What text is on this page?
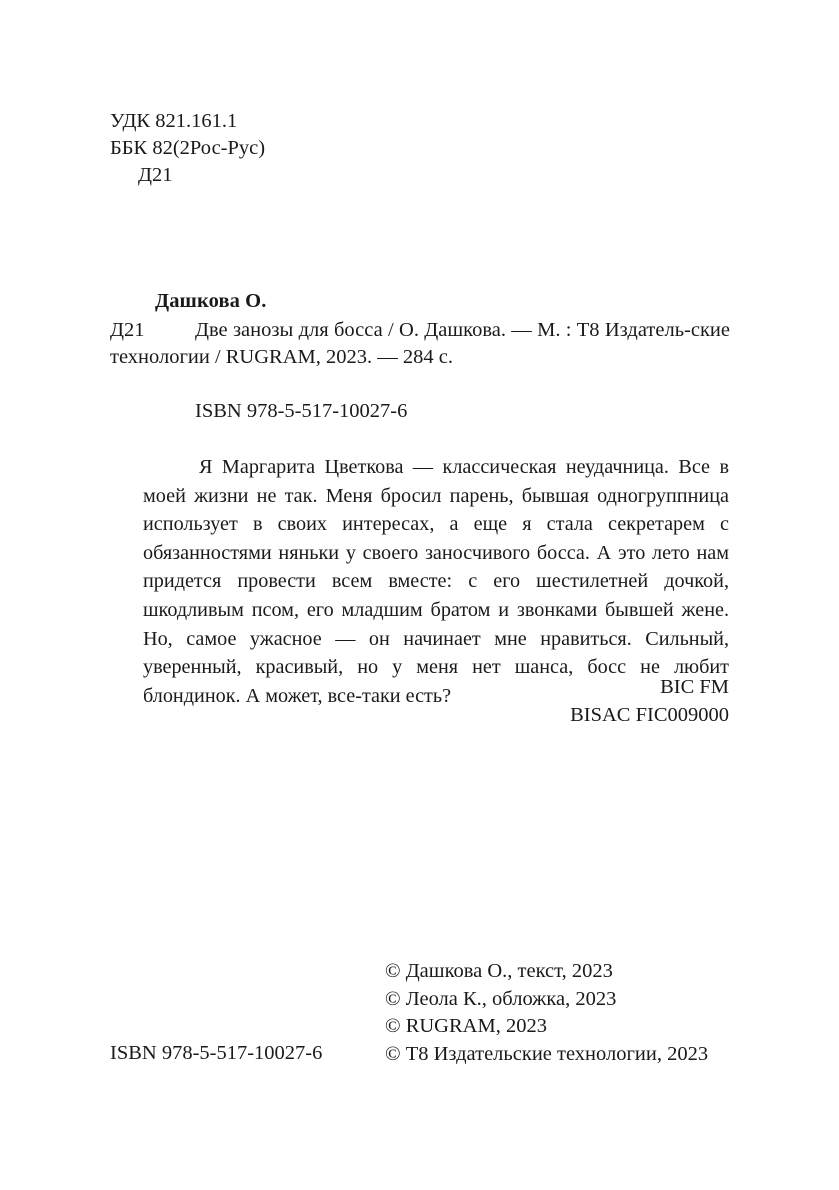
УДК 821.161.1
ББК 82(2Рос-Рус)
Д21
Дашкова О.
Д21	Две занозы для босса / О. Дашкова. — М. : Т8 Издатель-ские технологии / RUGRAM, 2023. — 284 с.
ISBN 978-5-517-10027-6
Я Маргарита Цветкова — классическая неудачница. Все в моей жизни не так. Меня бросил парень, бывшая одногруппница использует в своих интересах, а еще я стала секретарем с обязанностями няньки у своего заносчивого босса. А это лето нам придется провести всем вместе: с его шестилетней дочкой, шкодливым псом, его младшим братом и звонками бывшей жене. Но, самое ужасное — он начинает мне нравиться. Сильный, уверенный, красивый, но у меня нет шанса, босс не любит блондинок. А может, все-таки есть?	BIC FM
BISAC FIC009000
© Дашкова О., текст, 2023
© Леола К., обложка, 2023
© RUGRAM, 2023
© Т8 Издательские технологии, 2023
ISBN 978-5-517-10027-6
